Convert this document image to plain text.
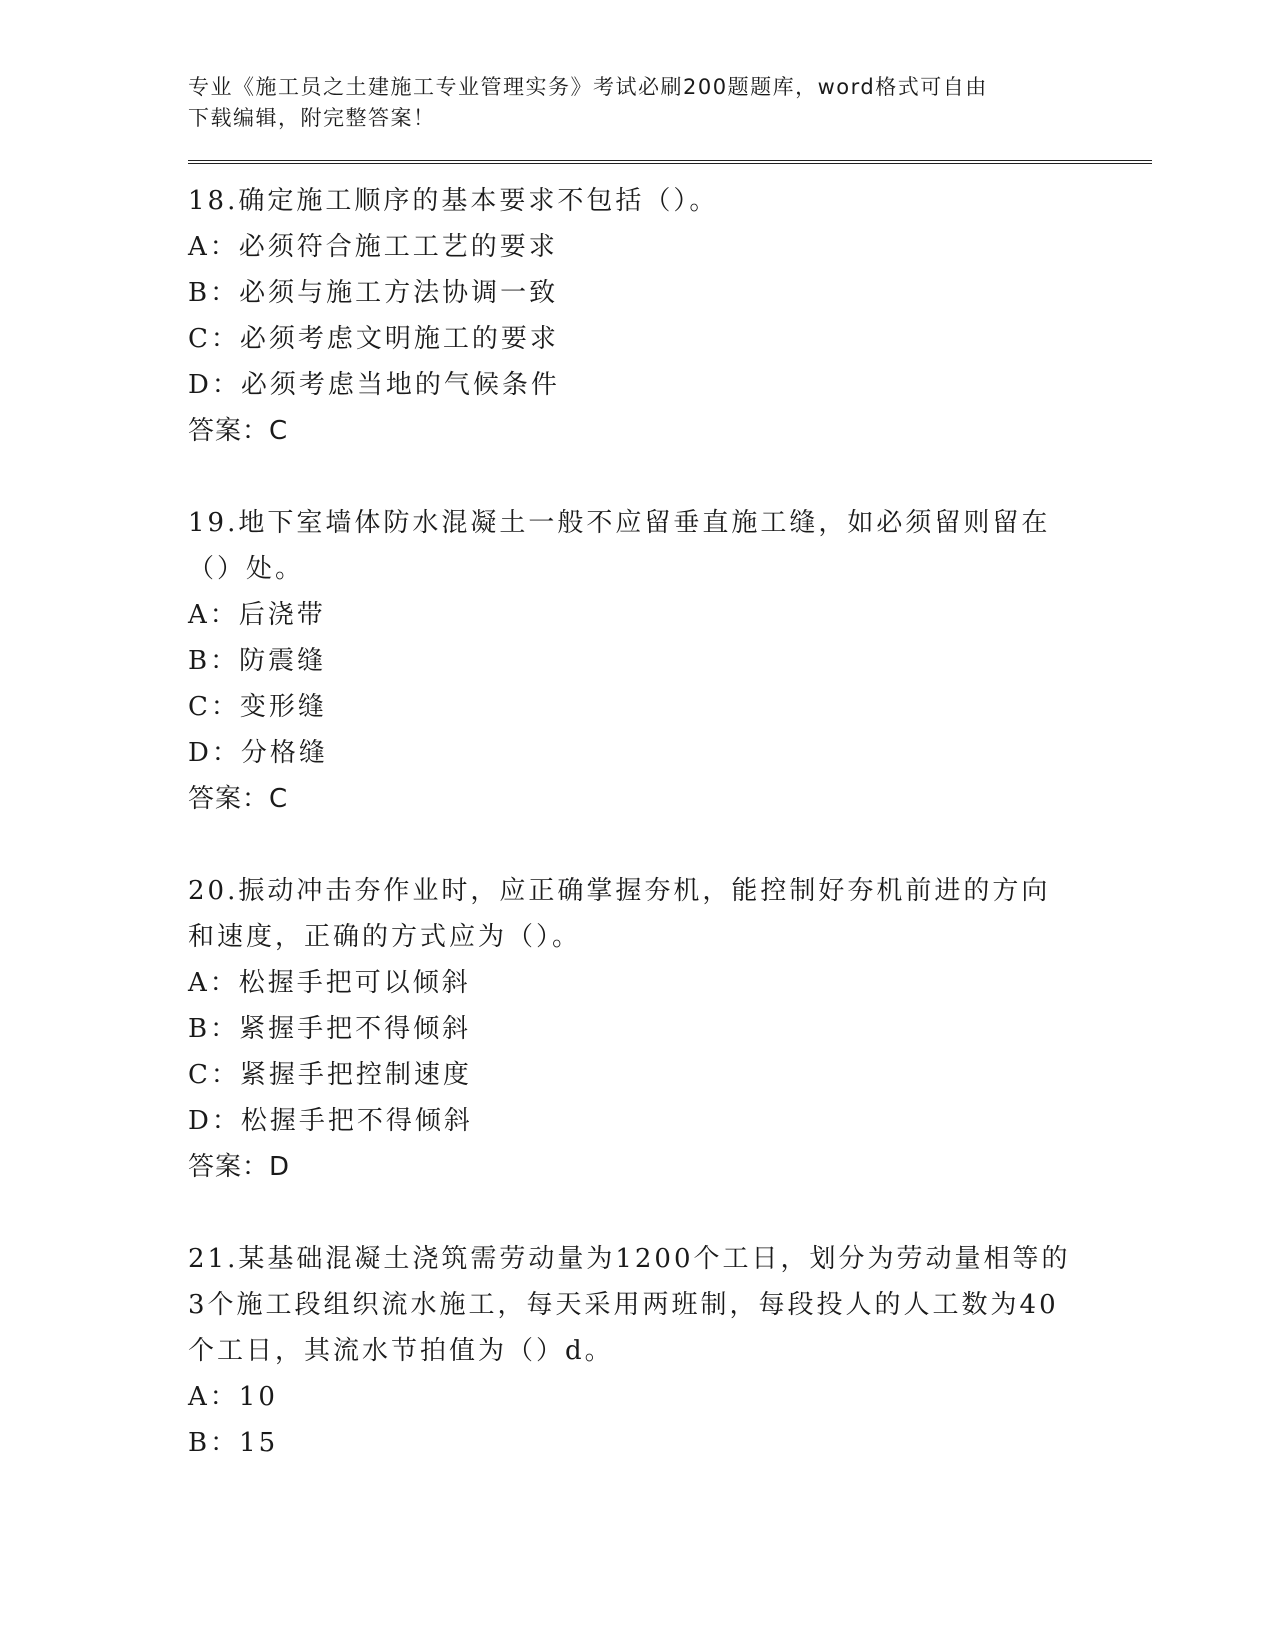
专业《施工员之土建施工专业管理实务》考试必刷200题题库，word格式可自由
下载编辑，附完整答案！
18.确定施工顺序的基本要求不包括（）。
A：必须符合施工工艺的要求
B：必须与施工方法协调一致
C：必须考虑文明施工的要求
D：必须考虑当地的气候条件
答案：C
19.地下室墙体防水混凝土一般不应留垂直施工缝，如必须留则留在（）处。
A：后浇带
B：防震缝
C：变形缝
D：分格缝
答案：C
20.振动冲击夯作业时，应正确掌握夯机，能控制好夯机前进的方向和速度，正确的方式应为（）。
A：松握手把可以倾斜
B：紧握手把不得倾斜
C：紧握手把控制速度
D：松握手把不得倾斜
答案：D
21.某基础混凝土浇筑需劳动量为1200个工日，划分为劳动量相等的3个施工段组织流水施工，每天采用两班制，每段投人的人工数为40个工日，其流水节拍值为（）d。
A：10
B：15
